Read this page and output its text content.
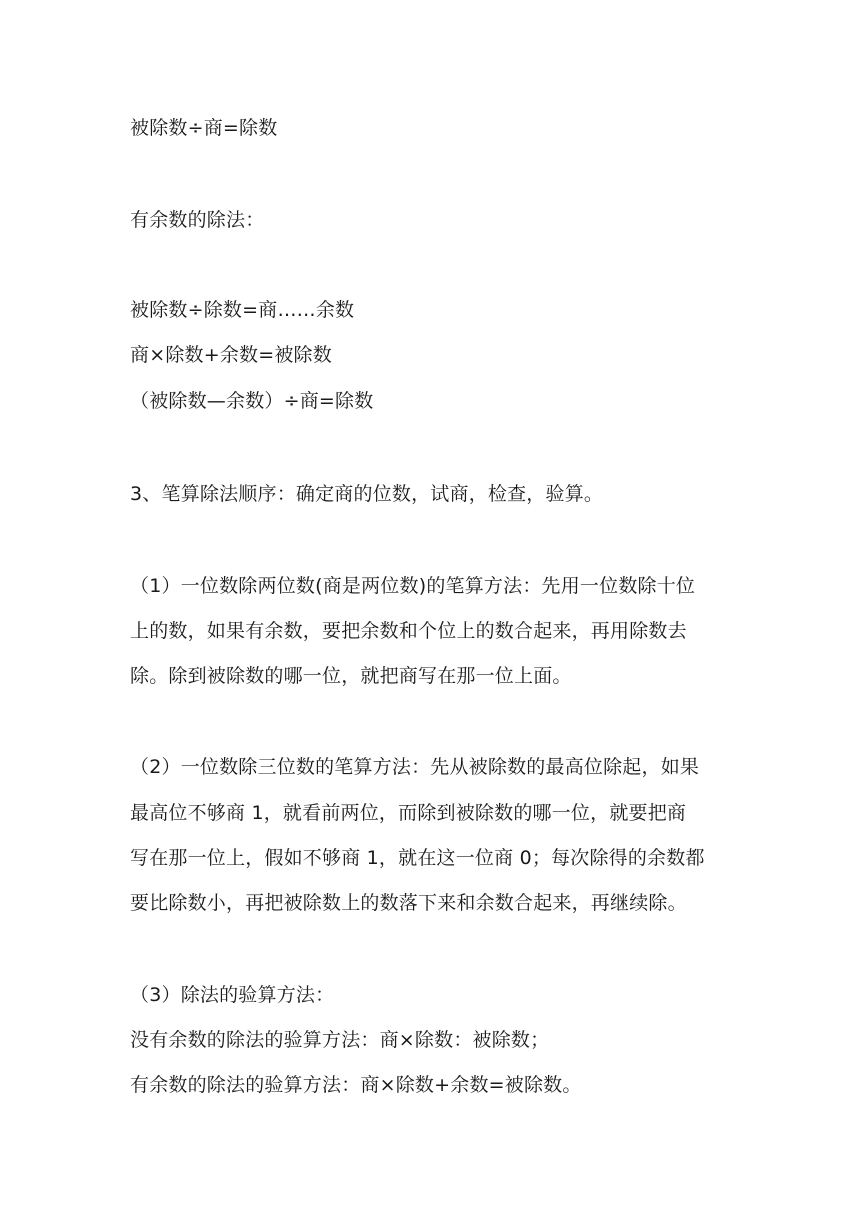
被除数÷商=除数

有余数的除法：

被除数÷除数=商……余数

商×除数+余数=被除数

（被除数—余数）÷商=除数

3、笔算除法顺序：确定商的位数，试商，检查，验算。

（1）一位数除两位数(商是两位数)的笔算方法：先用一位数除十位

上的数，如果有余数，要把余数和个位上的数合起来，再用除数去

除。除到被除数的哪一位，就把商写在那一位上面。

（2）一位数除三位数的笔算方法：先从被除数的最高位除起，如果

最高位不够商 1，就看前两位，而除到被除数的哪一位，就要把商

写在那一位上，假如不够商 1，就在这一位商 0；每次除得的余数都

要比除数小，再把被除数上的数落下来和余数合起来，再继续除。

（3）除法的验算方法：

没有余数的除法的验算方法：商×除数：被除数；

有余数的除法的验算方法：商×除数+余数=被除数。
